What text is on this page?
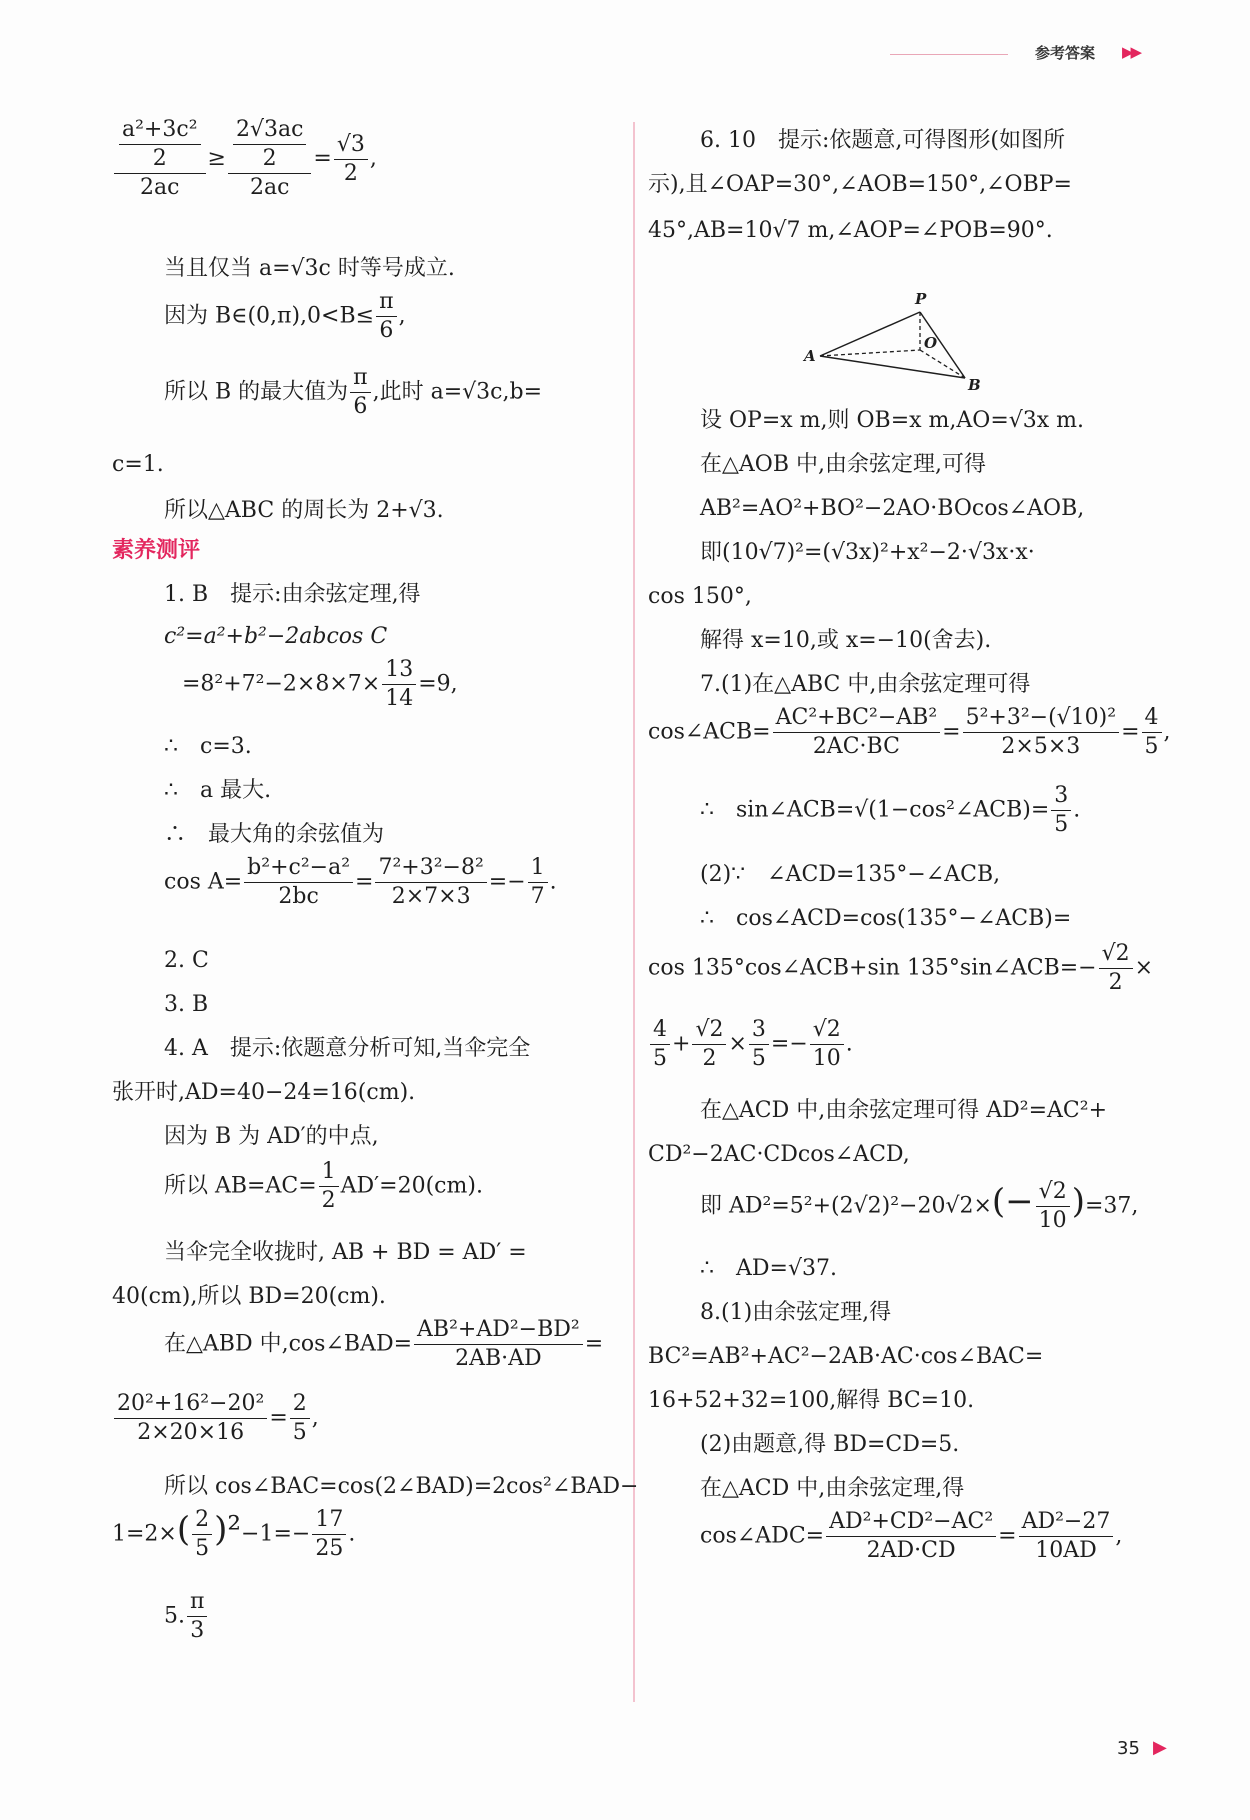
参考答案 ▶▶
$\frac{\frac{\text{a²+3c²}}{2}}{2ac} \ge \frac{\frac{2√3ac}{2}}{2ac} = \frac{√3}{2}$ ,
当且仅当 a=√3c 时等号成立.
因为 B∈(0,π),0<B≤ $\frac{\pi}{6}$ ,
所以 B 的最大值为 $\frac{\pi}{6}$ ,此时 a=√3c,b=
c=1.
所以△ABC 的周长为 2+√3.
素养测评
1. B　提示:由余弦定理,得
c²=a²+b²−2abcos C
$=8^2+7^2-2\times 8\times 7\times \frac{13}{14} =9$,
∴　c=3.
∴　a 最大.
∴　最大角的余弦值为
$\cos A= \frac{\text{b²+c²−a²}}{2bc} = \frac{\text{7²+3²−8²}}{2\times 7\times 3} =- \frac{1}{7}$ .
2. C
3. B
4. A　提示:依题意分析可知,当伞完全
张开时,AD=40−24=16(cm).
因为 B 为 AD′的中点,
所以 $AB=AC= \frac{1}{2} AD'=20(cm)$.
当伞完全收拢时, AB + BD = AD′ =
40(cm),所以 BD=20(cm).
在△ABD 中,cos∠BAD= $\frac{\text{AB²+AD²−BD²}}{2AB\cdot AD}$ =
$\frac{\text{20²+16²−20²}}{2\times 20\times 16} = \frac{2}{5}$ ,
所以 cos∠BAC=cos(2∠BAD)=2cos²∠BAD−
$1=2\times( \frac{2}{5} )^2-1=- \frac{17}{25}$ .
5. $\frac{\pi}{3}$
6. 10　提示:依题意,可得图形(如图所
示),且∠OAP=30°,∠AOB=150°,∠OBP=
45°,AB=10√7 m,∠AOP=∠POB=90°.
设 OP=x m,则 OB=x m,AO=√3x m.
在△AOB 中,由余弦定理,可得
AB²=AO²+BO²−2AO·BOcos∠AOB,
即(10√7)²=(√3x)²+x²−2·√3x·x·
cos 150°,
解得 x=10,或 x=−10(舍去).
7.(1)在△ABC 中,由余弦定理可得
cos∠ACB= $\frac{\text{AC²+BC²−AB²}}{2AC\cdot BC} = \frac{\text{5²+3²−(√10)²}}{2\times 5\times 3} = \frac{4}{5}$ ,
∴　sin∠ACB=√(1−cos²∠ACB)= $\frac{3}{5}$ .
(2)∵　∠ACD=135°−∠ACB,
∴　cos∠ACD=cos(135°−∠ACB)=
cos 135°cos∠ACB+sin 135°sin∠ACB=− $\frac{√2}{2}$ ×
$\frac{4}{5} + \frac{√2}{2} \times \frac{3}{5} =- \frac{√2}{10}$ .
在△ACD 中,由余弦定理可得 AD²=AC²+
CD²−2AC·CDcos∠ACD,
即 $AD^2=5^2+(2√2)^2-20√2\times(- \frac{√2}{10} )=37$,
∴　AD=√37.
8.(1)由余弦定理,得
BC²=AB²+AC²−2AB·AC·cos∠BAC=
16+52+32=100,解得 BC=10.
(2)由题意,得 BD=CD=5.
在△ACD 中,由余弦定理,得
cos∠ADC= $\frac{\text{AD²+CD²−AC²}}{2AD\cdot CD} = \frac{\text{AD²−27}}{10AD}$ ,
P
O
A
B
35 ▶
